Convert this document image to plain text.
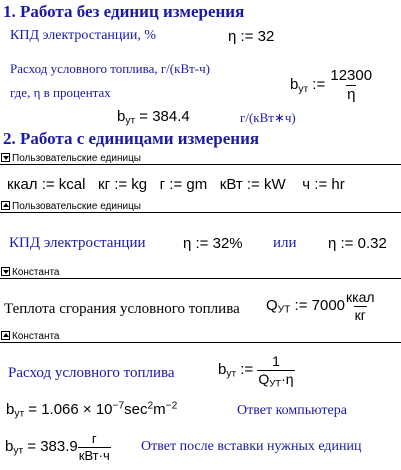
1. Работа без единиц измерения
КПД электростанции, %	η := 32
Расход условного топлива, г/(кВт-ч)
где, η в процентах	$b_{ут}$ := $\frac{12300}{\eta}$
$b_{ут} = 384.4$	г/(кВт∗ч)
2. Работа с единицами измерения
Пользовательские единицы
ккал := kcal кг := kg г := gm кВт := kW ч := hr
Пользовательские единицы
КПД электростанции	η := 32% или η := 0.32
Константа
Теплота сгорания условного топлива $Q_{УТ}$ := $7000 \frac{\text{ккал}}{кг}$
Константа
Расход условного топлива	$b_{ут}$ := $\frac{1}{Q_{УТ}\cdot\eta}$
$b_{ут} = 1.066 \times 10^{-7}\sec^2m^{-2}$	Ответ компьютера
$b_{ут} = 383.9 \frac{г}{\text{кВт·ч}}$ Ответ после вставки нужных единиц
